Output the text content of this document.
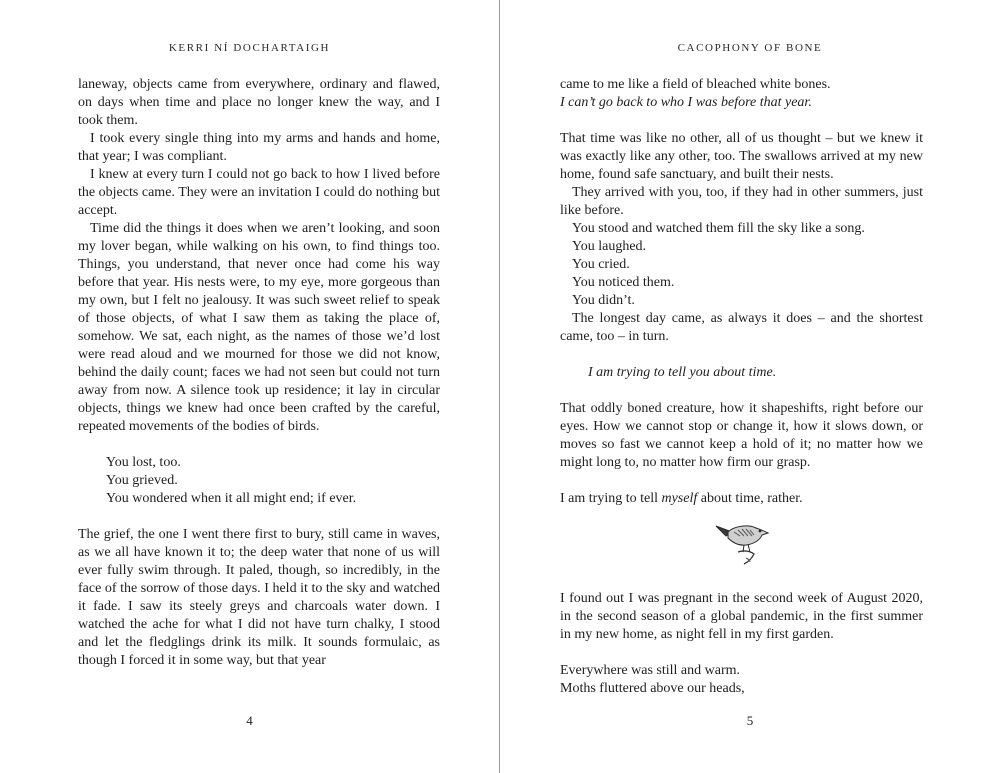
KERRI NÍ DOCHARTAIGH

laneway, objects came from everywhere, ordinary and flawed, on days when time and place no longer knew the way, and I took them.

I took every single thing into my arms and hands and home, that year; I was compliant.

I knew at every turn I could not go back to how I lived before the objects came. They were an invitation I could do nothing but accept.

Time did the things it does when we aren’t looking, and soon my lover began, while walking on his own, to find things too. Things, you understand, that never once had come his way before that year. His nests were, to my eye, more gorgeous than my own, but I felt no jealousy. It was such sweet relief to speak of those objects, of what I saw them as taking the place of, somehow. We sat, each night, as the names of those we’d lost were read aloud and we mourned for those we did not know, behind the daily count; faces we had not seen but could not turn away from now. A silence took up residence; it lay in circular objects, things we knew had once been crafted by the careful, repeated movements of the bodies of birds.

You lost, too.

You grieved.

You wondered when it all might end; if ever.

The grief, the one I went there first to bury, still came in waves, as we all have known it to; the deep water that none of us will ever fully swim through. It paled, though, so incredibly, in the face of the sorrow of those days. I held it to the sky and watched it fade. I saw its steely greys and charcoals water down. I watched the ache for what I did not have turn chalky, I stood and let the fledglings drink its milk. It sounds formulaic, as though I forced it in some way, but that year

4
CACOPHONY OF BONE

came to me like a field of bleached white bones.

I can’t go back to who I was before that year.

That time was like no other, all of us thought – but we knew it was exactly like any other, too. The swallows arrived at my new home, found safe sanctuary, and built their nests.

They arrived with you, too, if they had in other summers, just like before.

You stood and watched them fill the sky like a song.

You laughed.

You cried.

You noticed them.

You didn’t.

The longest day came, as always it does – and the shortest came, too – in turn.

I am trying to tell you about time.

That oddly boned creature, how it shapeshifts, right before our eyes. How we cannot stop or change it, how it slows down, or moves so fast we cannot keep a hold of it; no matter how we might long to, no matter how firm our grasp.

I am trying to tell myself about time, rather.

I found out I was pregnant in the second week of August 2020, in the second season of a global pandemic, in the first summer in my new home, as night fell in my first garden.

Everywhere was still and warm.

Moths fluttered above our heads,

5
